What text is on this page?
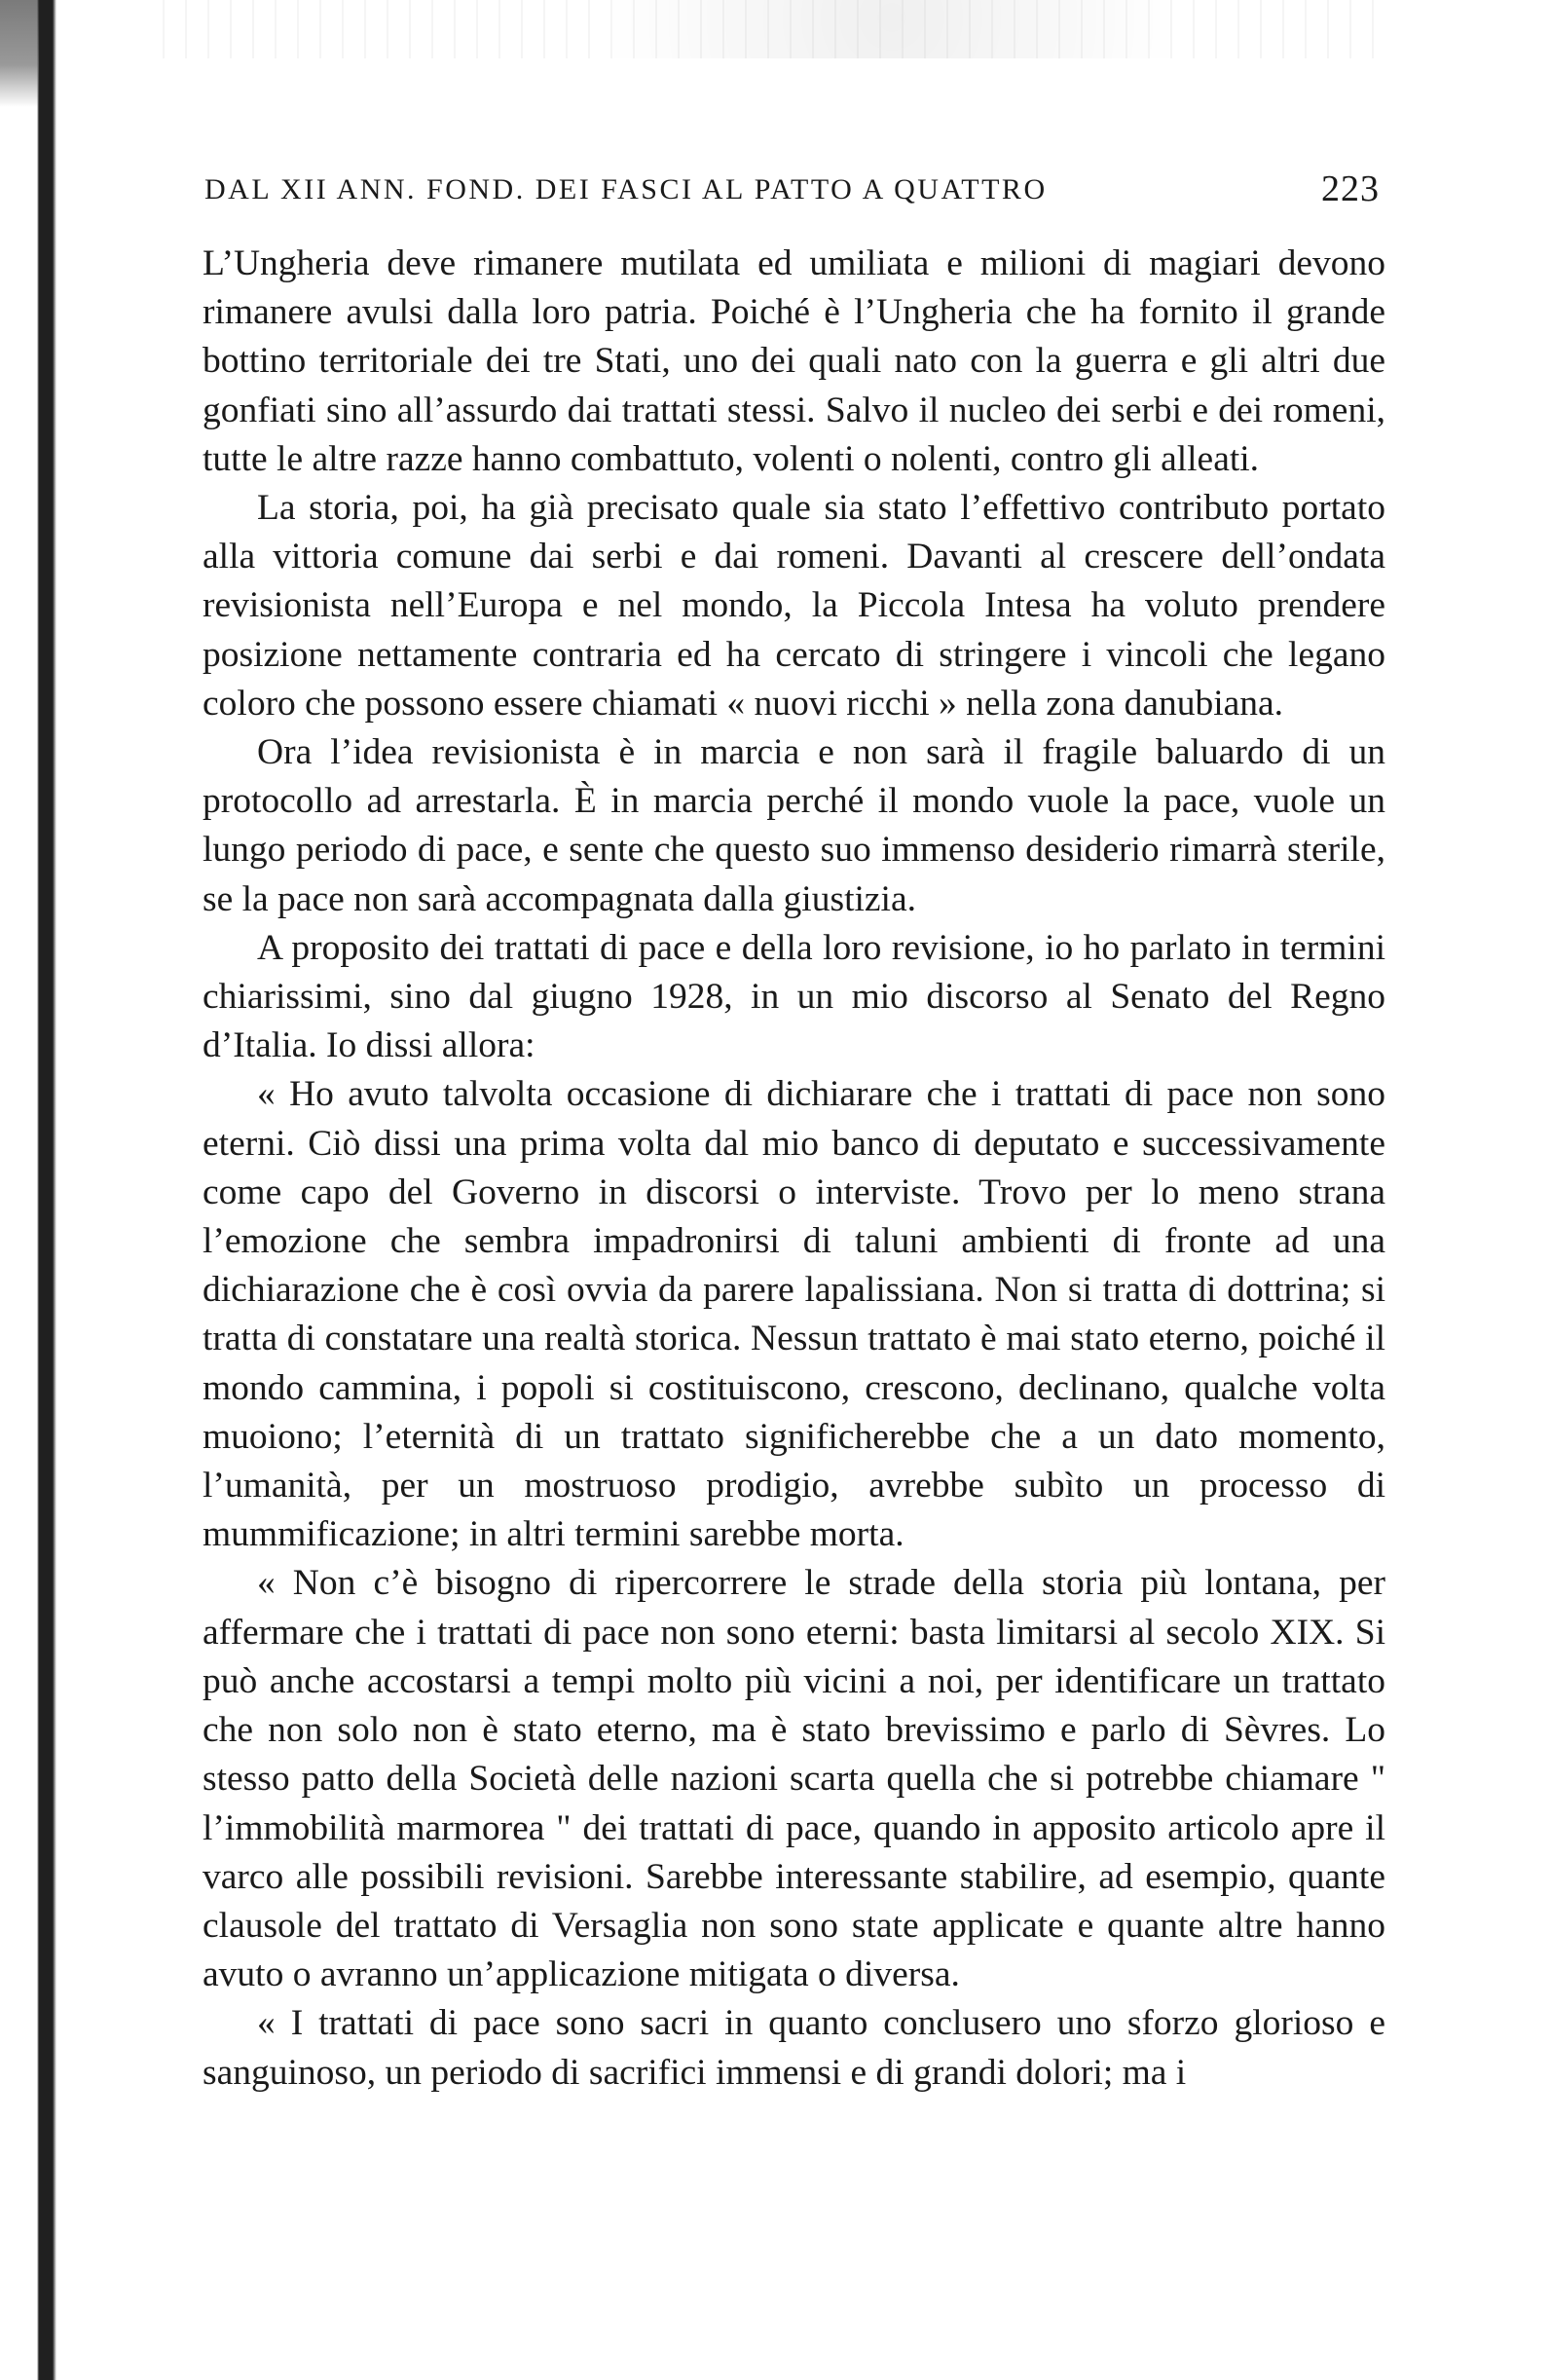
DAL XII ANN. FOND. DEI FASCI AL PATTO A QUATTRO	223

L’Ungheria deve rimanere mutilata ed umiliata e milioni di magiari devono rimanere avulsi dalla loro patria. Poiché è l’Ungheria che ha fornito il grande bottino territoriale dei tre Stati, uno dei quali nato con la guerra e gli altri due gonfiati sino all’assurdo dai trattati stessi. Salvo il nucleo dei serbi e dei romeni, tutte le altre razze hanno combattuto, volenti o nolenti, contro gli alleati.

La storia, poi, ha già precisato quale sia stato l’effettivo contributo portato alla vittoria comune dai serbi e dai romeni. Davanti al crescere dell’ondata revisionista nell’Europa e nel mondo, la Piccola Intesa ha voluto prendere posizione nettamente contraria ed ha cercato di stringere i vincoli che legano coloro che possono essere chiamati « nuovi ricchi » nella zona danubiana.

Ora l’idea revisionista è in marcia e non sarà il fragile baluardo di un protocollo ad arrestarla. È in marcia perché il mondo vuole la pace, vuole un lungo periodo di pace, e sente che questo suo immenso desiderio rimarrà sterile, se la pace non sarà accompagnata dalla giustizia.

A proposito dei trattati di pace e della loro revisione, io ho parlato in termini chiarissimi, sino dal giugno 1928, in un mio discorso al Senato del Regno d’Italia. Io dissi allora:

« Ho avuto talvolta occasione di dichiarare che i trattati di pace non sono eterni. Ciò dissi una prima volta dal mio banco di deputato e successivamente come capo del Governo in discorsi o interviste. Trovo per lo meno strana l’emozione che sembra impadronirsi di taluni ambienti di fronte ad una dichiarazione che è così ovvia da parere lapalissiana. Non si tratta di dottrina; si tratta di constatare una realtà storica. Nessun trattato è mai stato eterno, poiché il mondo cammina, i popoli si costituiscono, crescono, declinano, qualche volta muoiono; l’eternità di un trattato significherebbe che a un dato momento, l’umanità, per un mostruoso prodigio, avrebbe subìto un processo di mummificazione; in altri termini sarebbe morta.

« Non c’è bisogno di ripercorrere le strade della storia più lontana, per affermare che i trattati di pace non sono eterni: basta limitarsi al secolo XIX. Si può anche accostarsi a tempi molto più vicini a noi, per identificare un trattato che non solo non è stato eterno, ma è stato brevissimo e parlo di Sèvres. Lo stesso patto della Società delle nazioni scarta quella che si potrebbe chiamare " l’immobilità marmorea " dei trattati di pace, quando in apposito articolo apre il varco alle possibili revisioni. Sarebbe interessante stabilire, ad esempio, quante clausole del trattato di Versaglia non sono state applicate e quante altre hanno avuto o avranno un’applicazione mitigata o diversa.

« I trattati di pace sono sacri in quanto conclusero uno sforzo glorioso e sanguinoso, un periodo di sacrifici immensi e di grandi dolori; ma i
